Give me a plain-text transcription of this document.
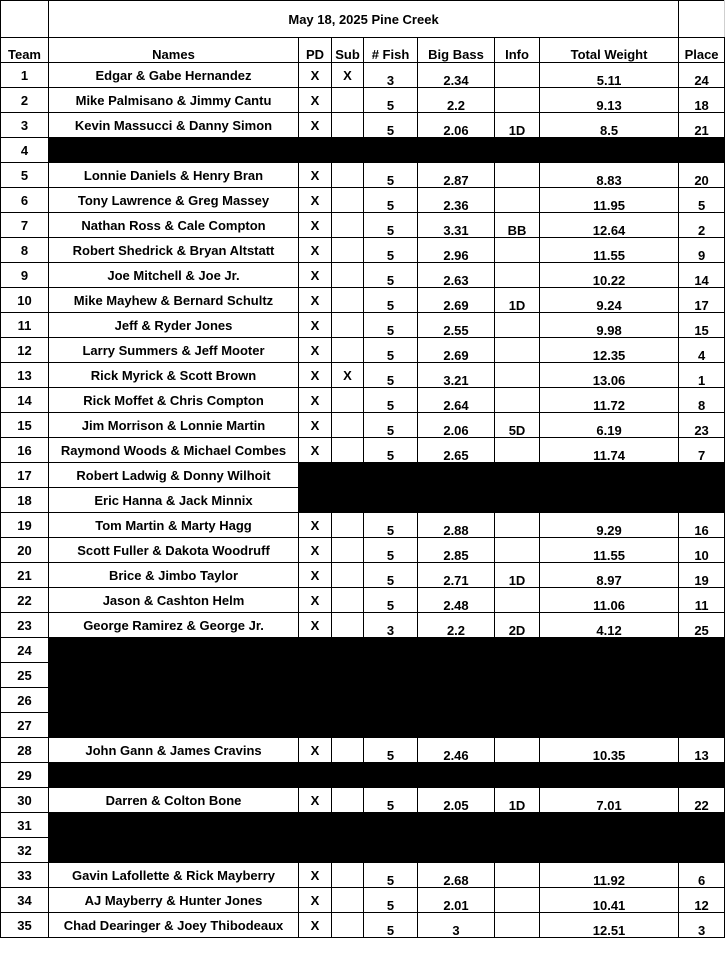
	May 18, 2025 Pine Creek							
Team	Names	PD	Sub	# Fish	Big Bass	Info	Total Weight	Place
1	Edgar & Gabe Hernandez	X	X	3	2.34		5.11	24
2	Mike Palmisano & Jimmy Cantu	X		5	2.2		9.13	18
3	Kevin Massucci & Danny Simon	X		5	2.06	1D	8.5	21
4								
5	Lonnie Daniels & Henry Bran	X		5	2.87		8.83	20
6	Tony Lawrence & Greg Massey	X		5	2.36		11.95	5
7	Nathan Ross & Cale Compton	X		5	3.31	BB	12.64	2
8	Robert Shedrick & Bryan Altstatt	X		5	2.96		11.55	9
9	Joe Mitchell & Joe Jr.	X		5	2.63		10.22	14
10	Mike Mayhew & Bernard Schultz	X		5	2.69	1D	9.24	17
11	Jeff & Ryder Jones	X		5	2.55		9.98	15
12	Larry Summers & Jeff Mooter	X		5	2.69		12.35	4
13	Rick Myrick & Scott Brown	X	X	5	3.21		13.06	1
14	Rick Moffet & Chris Compton	X		5	2.64		11.72	8
15	Jim Morrison & Lonnie Martin	X		5	2.06	5D	6.19	23
16	Raymond Woods & Michael Combes	X		5	2.65		11.74	7
17	Robert Ladwig & Donny Wilhoit							
18	Eric Hanna & Jack Minnix							
19	Tom Martin & Marty Hagg	X		5	2.88		9.29	16
20	Scott Fuller & Dakota Woodruff	X		5	2.85		11.55	10
21	Brice & Jimbo Taylor	X		5	2.71	1D	8.97	19
22	Jason & Cashton Helm	X		5	2.48		11.06	11
23	George Ramirez & George Jr.	X		3	2.2	2D	4.12	25
24								
25								
26								
27								
28	John Gann & James Cravins	X		5	2.46		10.35	13
29								
30	Darren & Colton Bone	X		5	2.05	1D	7.01	22
31								
32								
33	Gavin Lafollette & Rick Mayberry	X		5	2.68		11.92	6
34	AJ Mayberry & Hunter Jones	X		5	2.01		10.41	12
35	Chad Dearinger & Joey Thibodeaux	X		5	3		12.51	3
